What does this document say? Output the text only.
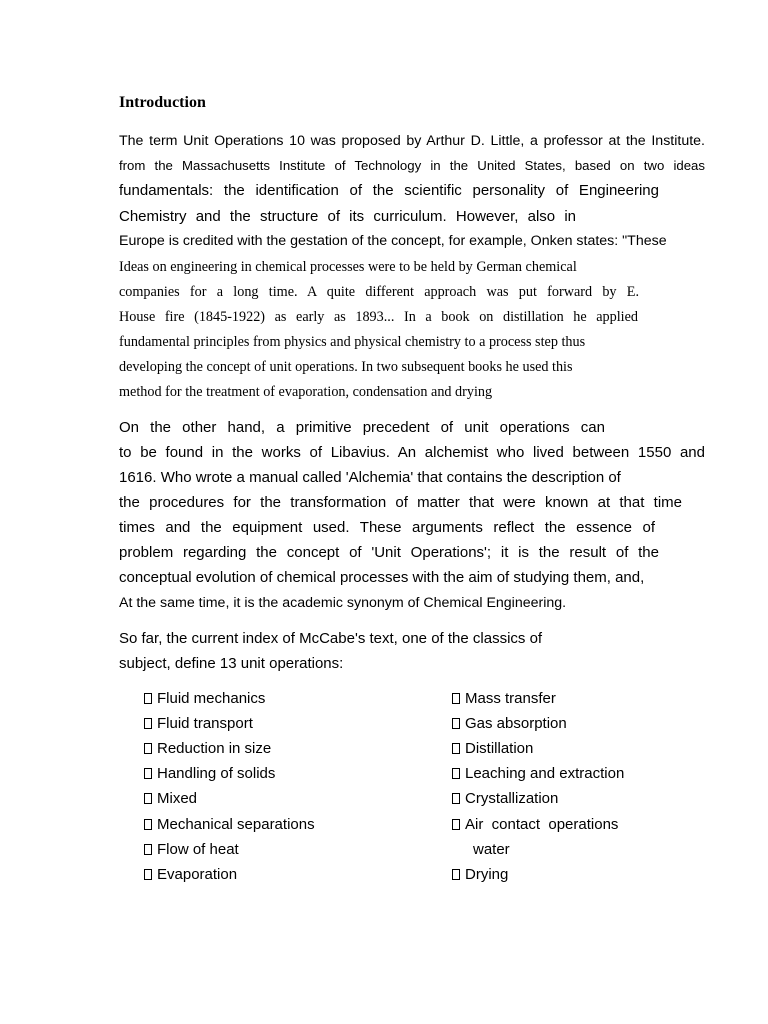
Introduction
The term Unit Operations 10 was proposed by Arthur D. Little, a professor at the Institute.
from the Massachusetts Institute of Technology in the United States, based on two ideas
fundamentals: the identification of the scientific personality of Engineering
Chemistry and the structure of its curriculum. However, also in
Europe is credited with the gestation of the concept, for example, Onken states: "These
Ideas on engineering in chemical processes were to be held by German chemical
companies for a long time. A quite different approach was put forward by E.
House fire (1845-1922) as early as 1893... In a book on distillation he applied
fundamental principles from physics and physical chemistry to a process step thus
developing the concept of unit operations. In two subsequent books he used this
method for the treatment of evaporation, condensation and drying
On the other hand, a primitive precedent of unit operations can
to be found in the works of Libavius. An alchemist who lived between 1550 and
1616. Who wrote a manual called 'Alchemia' that contains the description of
the procedures for the transformation of matter that were known at that time
times and the equipment used. These arguments reflect the essence of
problem regarding the concept of 'Unit Operations'; it is the result of the
conceptual evolution of chemical processes with the aim of studying them, and,
At the same time, it is the academic synonym of Chemical Engineering.
So far, the current index of McCabe's text, one of the classics of
subject, define 13 unit operations:
Fluid mechanics
Fluid transport
Reduction in size
Handling of solids
Mixed
Mechanical separations
Flow of heat
Evaporation
Mass transfer
Gas absorption
Distillation
Leaching and extraction
Crystallization
Air  contact  operations
water
Drying
